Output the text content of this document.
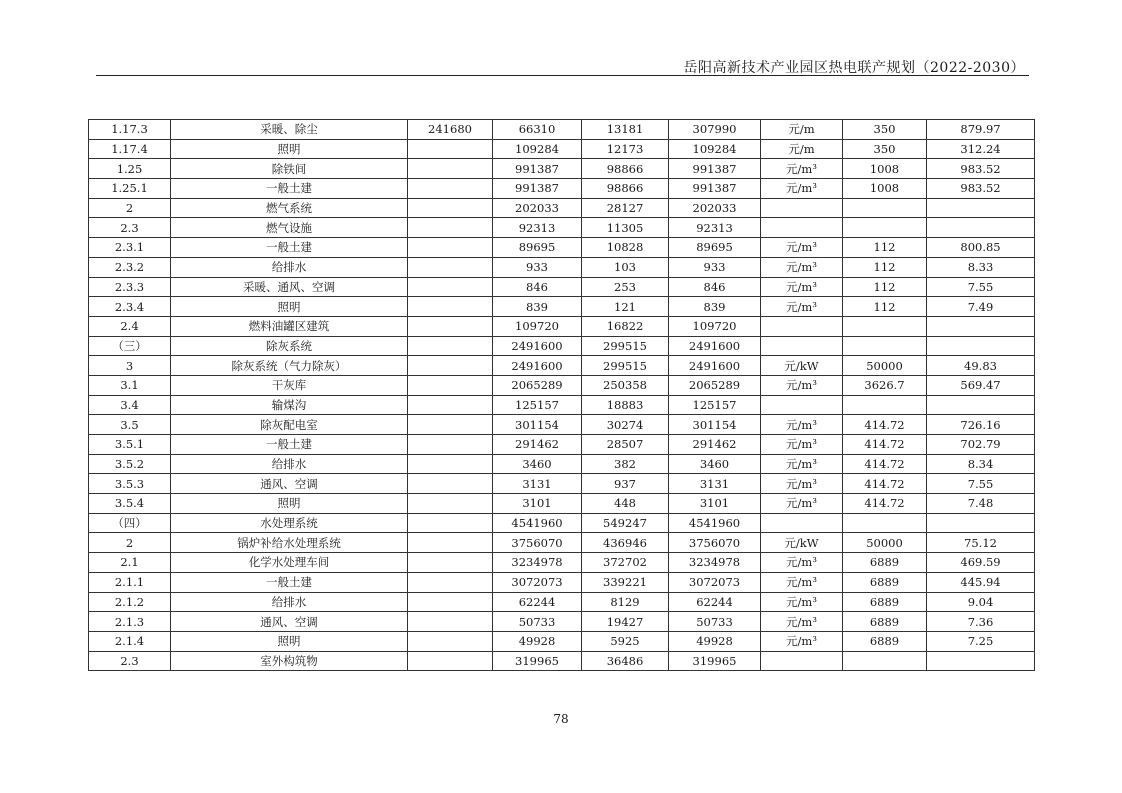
岳阳高新技术产业园区热电联产规划（2022-2030）
1.17.3	采暖、除尘	241680	66310	13181	307990	元/m	350	879.97
1.17.4	照明		109284	12173	109284	元/m	350	312.24
1.25	除铁间		991387	98866	991387	元/m³	1008	983.52
1.25.1	一般土建		991387	98866	991387	元/m³	1008	983.52
2	燃气系统		202033	28127	202033			
2.3	燃气设施		92313	11305	92313			
2.3.1	一般土建		89695	10828	89695	元/m³	112	800.85
2.3.2	给排水		933	103	933	元/m³	112	8.33
2.3.3	采暖、通风、空调		846	253	846	元/m³	112	7.55
2.3.4	照明		839	121	839	元/m³	112	7.49
2.4	燃料油罐区建筑		109720	16822	109720			
（三）	除灰系统		2491600	299515	2491600			
3	除灰系统（气力除灰）		2491600	299515	2491600	元/kW	50000	49.83
3.1	干灰库		2065289	250358	2065289	元/m³	3626.7	569.47
3.4	输煤沟		125157	18883	125157			
3.5	除灰配电室		301154	30274	301154	元/m³	414.72	726.16
3.5.1	一般土建		291462	28507	291462	元/m³	414.72	702.79
3.5.2	给排水		3460	382	3460	元/m³	414.72	8.34
3.5.3	通风、空调		3131	937	3131	元/m³	414.72	7.55
3.5.4	照明		3101	448	3101	元/m³	414.72	7.48
（四）	水处理系统		4541960	549247	4541960			
2	锅炉补给水处理系统		3756070	436946	3756070	元/kW	50000	75.12
2.1	化学水处理车间		3234978	372702	3234978	元/m³	6889	469.59
2.1.1	一般土建		3072073	339221	3072073	元/m³	6889	445.94
2.1.2	给排水		62244	8129	62244	元/m³	6889	9.04
2.1.3	通风、空调		50733	19427	50733	元/m³	6889	7.36
2.1.4	照明		49928	5925	49928	元/m³	6889	7.25
2.3	室外构筑物		319965	36486	319965			
78
